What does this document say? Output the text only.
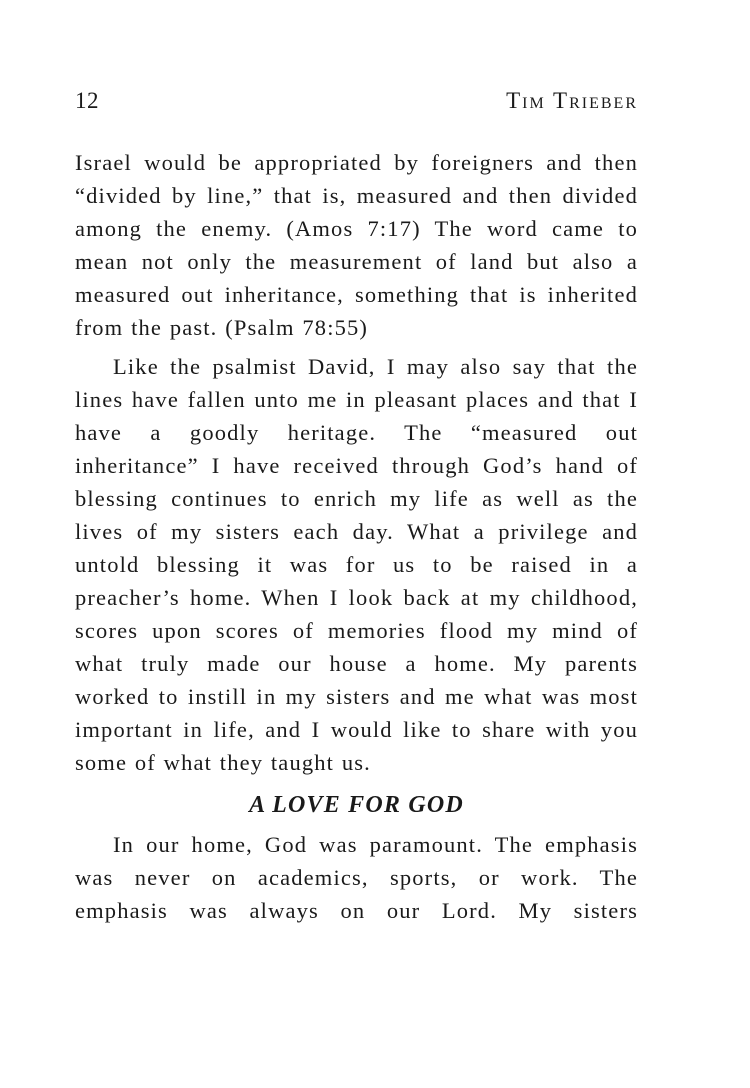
12	Tim Trieber

Israel would be appropriated by foreigners and then “divided by line,” that is, measured and then divided among the enemy. (Amos 7:17) The word came to mean not only the measurement of land but also a measured out inheritance, something that is inherited from the past. (Psalm 78:55)

Like the psalmist David, I may also say that the lines have fallen unto me in pleasant places and that I have a goodly heritage. The “measured out inheritance” I have received through God’s hand of blessing continues to enrich my life as well as the lives of my sisters each day. What a privilege and untold blessing it was for us to be raised in a preacher’s home. When I look back at my childhood, scores upon scores of memories flood my mind of what truly made our house a home. My parents worked to instill in my sisters and me what was most important in life, and I would like to share with you some of what they taught us.

A LOVE FOR GOD

In our home, God was paramount. The emphasis was never on academics, sports, or work. The emphasis was always on our Lord. My sisters
